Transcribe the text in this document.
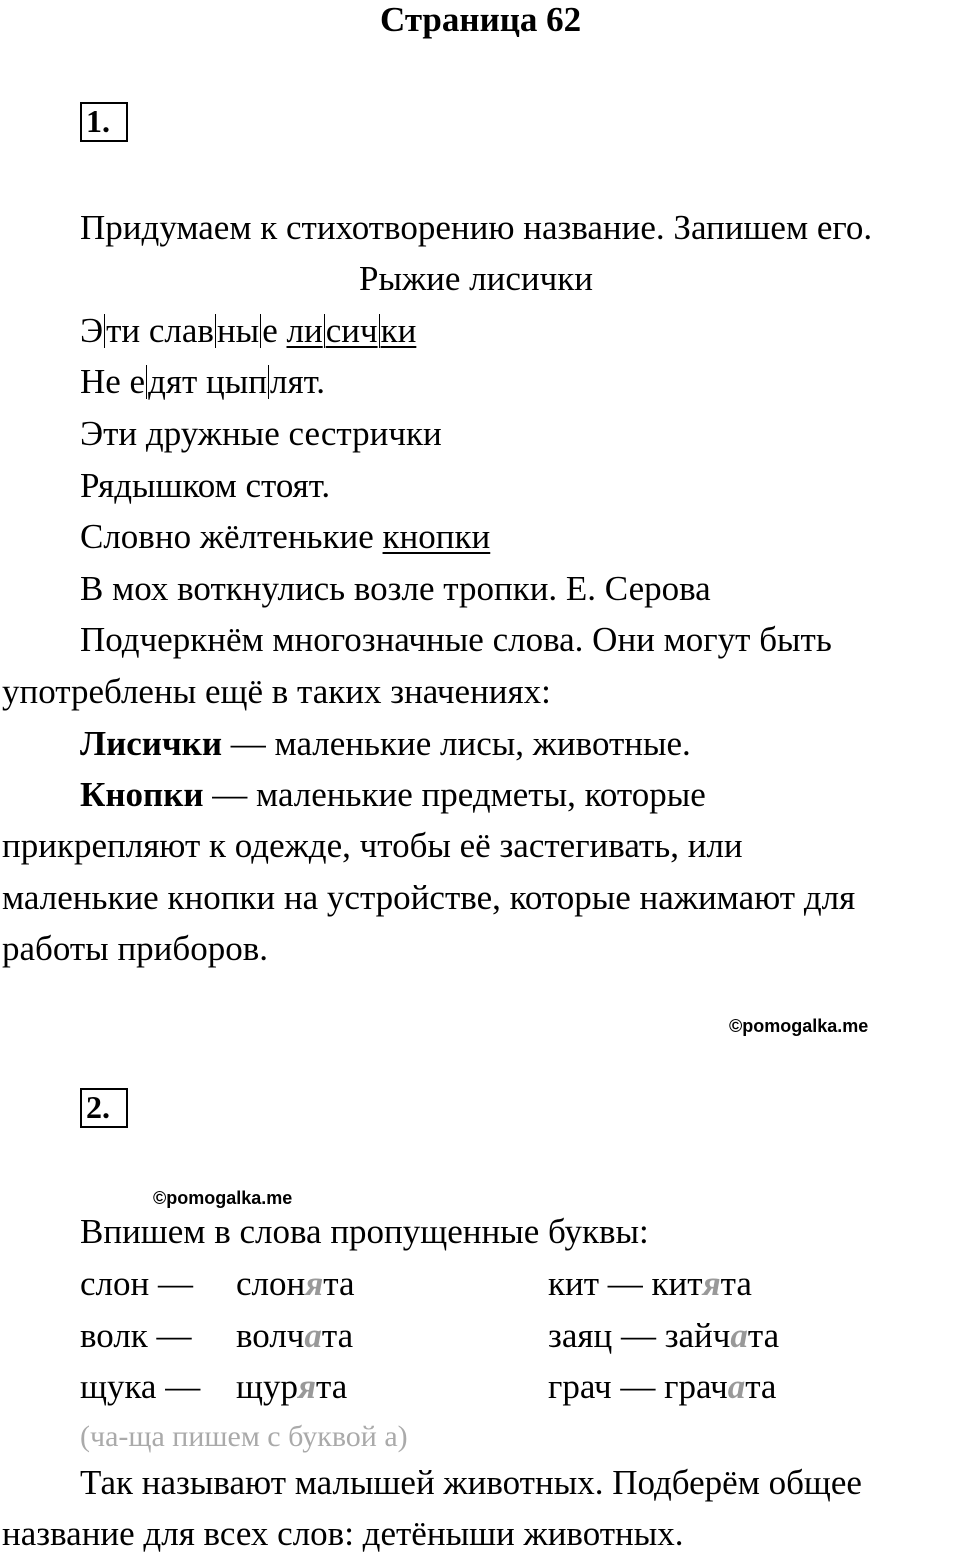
Страница 62
1.
Придумаем к стихотворению название. Запишем его.
Рыжие лисички
Эти славные лисички
Не едят цыплят.
Эти дружные сестрички
Рядышком стоят.
Словно жёлтенькие кнопки
В мох воткнулись возле тропки. Е. Серова
Подчеркнём многозначные слова. Они могут быть
употреблены ещё в таких значениях:
Лисички — маленькие лисы, животные.
Кнопки — маленькие предметы, которые
прикрепляют к одежде, чтобы её застегивать, или
маленькие кнопки на устройстве, которые нажимают для
работы приборов.
©pomogalka.me
2.
©pomogalka.me
Впишем в слова пропущенные буквы:
слон — слонята	кит — китята
волк — волчата	заяц — зайчата
щука — щурята	грач — грачата
(ча-ща пишем с буквой а)
Так называют малышей животных. Подберём общее
название для всех слов: детёныши животных.
